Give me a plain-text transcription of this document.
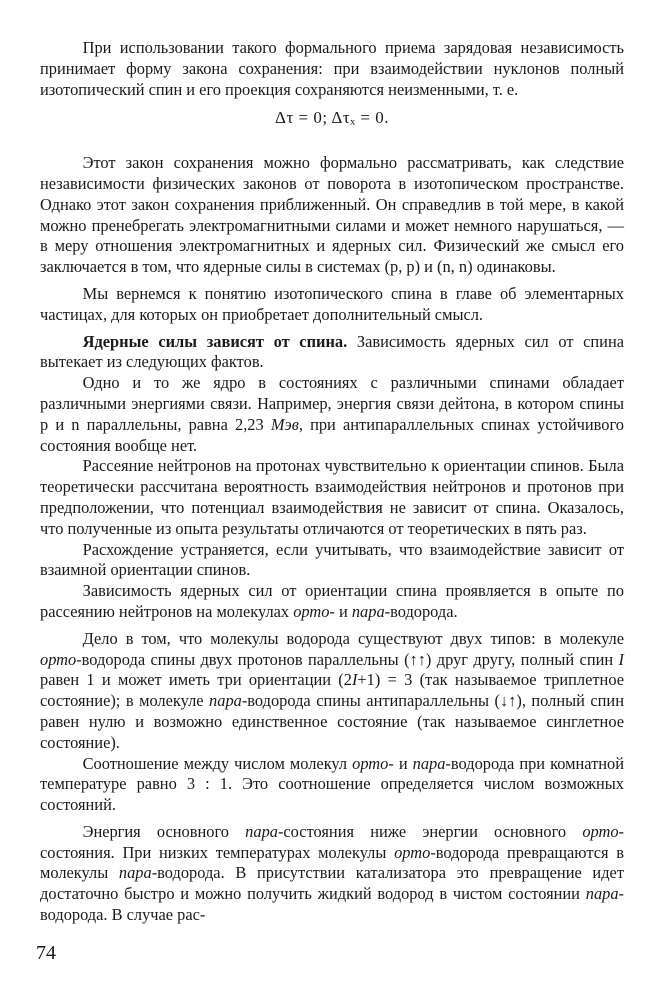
При использовании такого формального приема зарядовая независимость принимает форму закона сохранения: при взаимодействии нуклонов полный изотопический спин и его проекция сохраняются неизменными, т. е.

Δτ = 0; Δτₓ = 0.

Этот закон сохранения можно формально рассматривать, как следствие независимости физических законов от поворота в изотопическом пространстве. Однако этот закон сохранения приближенный. Он справедлив в той мере, в какой можно пренебрегать электромагнитными силами и может немного нарушаться, — в меру отношения электромагнитных и ядерных сил. Физический же смысл его заключается в том, что ядерные силы в системах (p, p) и (n, n) одинаковы.

Мы вернемся к понятию изотопического спина в главе об элементарных частицах, для которых он приобретает дополнительный смысл.

Ядерные силы зависят от спина. Зависимость ядерных сил от спина вытекает из следующих фактов.

Одно и то же ядро в состояниях с различными спинами обладает различными энергиями связи. Например, энергия связи дейтона, в котором спины p и n параллельны, равна 2,23 Мэв, при антипараллельных спинах устойчивого состояния вообще нет.

Рассеяние нейтронов на протонах чувствительно к ориентации спинов. Была теоретически рассчитана вероятность взаимодействия нейтронов и протонов при предположении, что потенциал взаимодействия не зависит от спина. Оказалось, что полученные из опыта результаты отличаются от теоретических в пять раз.

Расхождение устраняется, если учитывать, что взаимодействие зависит от взаимной ориентации спинов.

Зависимость ядерных сил от ориентации спина проявляется в опыте по рассеянию нейтронов на молекулах орто- и пара-водорода.

Дело в том, что молекулы водорода существуют двух типов: в молекуле орто-водорода спины двух протонов параллельны (↑↑) друг другу, полный спин I равен 1 и может иметь три ориентации (2I+1) = 3 (так называемое триплетное состояние); в молекуле пара-водорода спины антипараллельны (↓↑), полный спин равен нулю и возможно единственное состояние (так называемое синглетное состояние).

Соотношение между числом молекул орто- и пара-водорода при комнатной температуре равно 3 : 1. Это соотношение определяется числом возможных состояний.

Энергия основного пара-состояния ниже энергии основного орто-состояния. При низких температурах молекулы орто-водорода превращаются в молекулы пара-водорода. В присутствии катализатора это превращение идет достаточно быстро и можно получить жидкий водород в чистом состоянии пара-водорода. В случае рас-

74
